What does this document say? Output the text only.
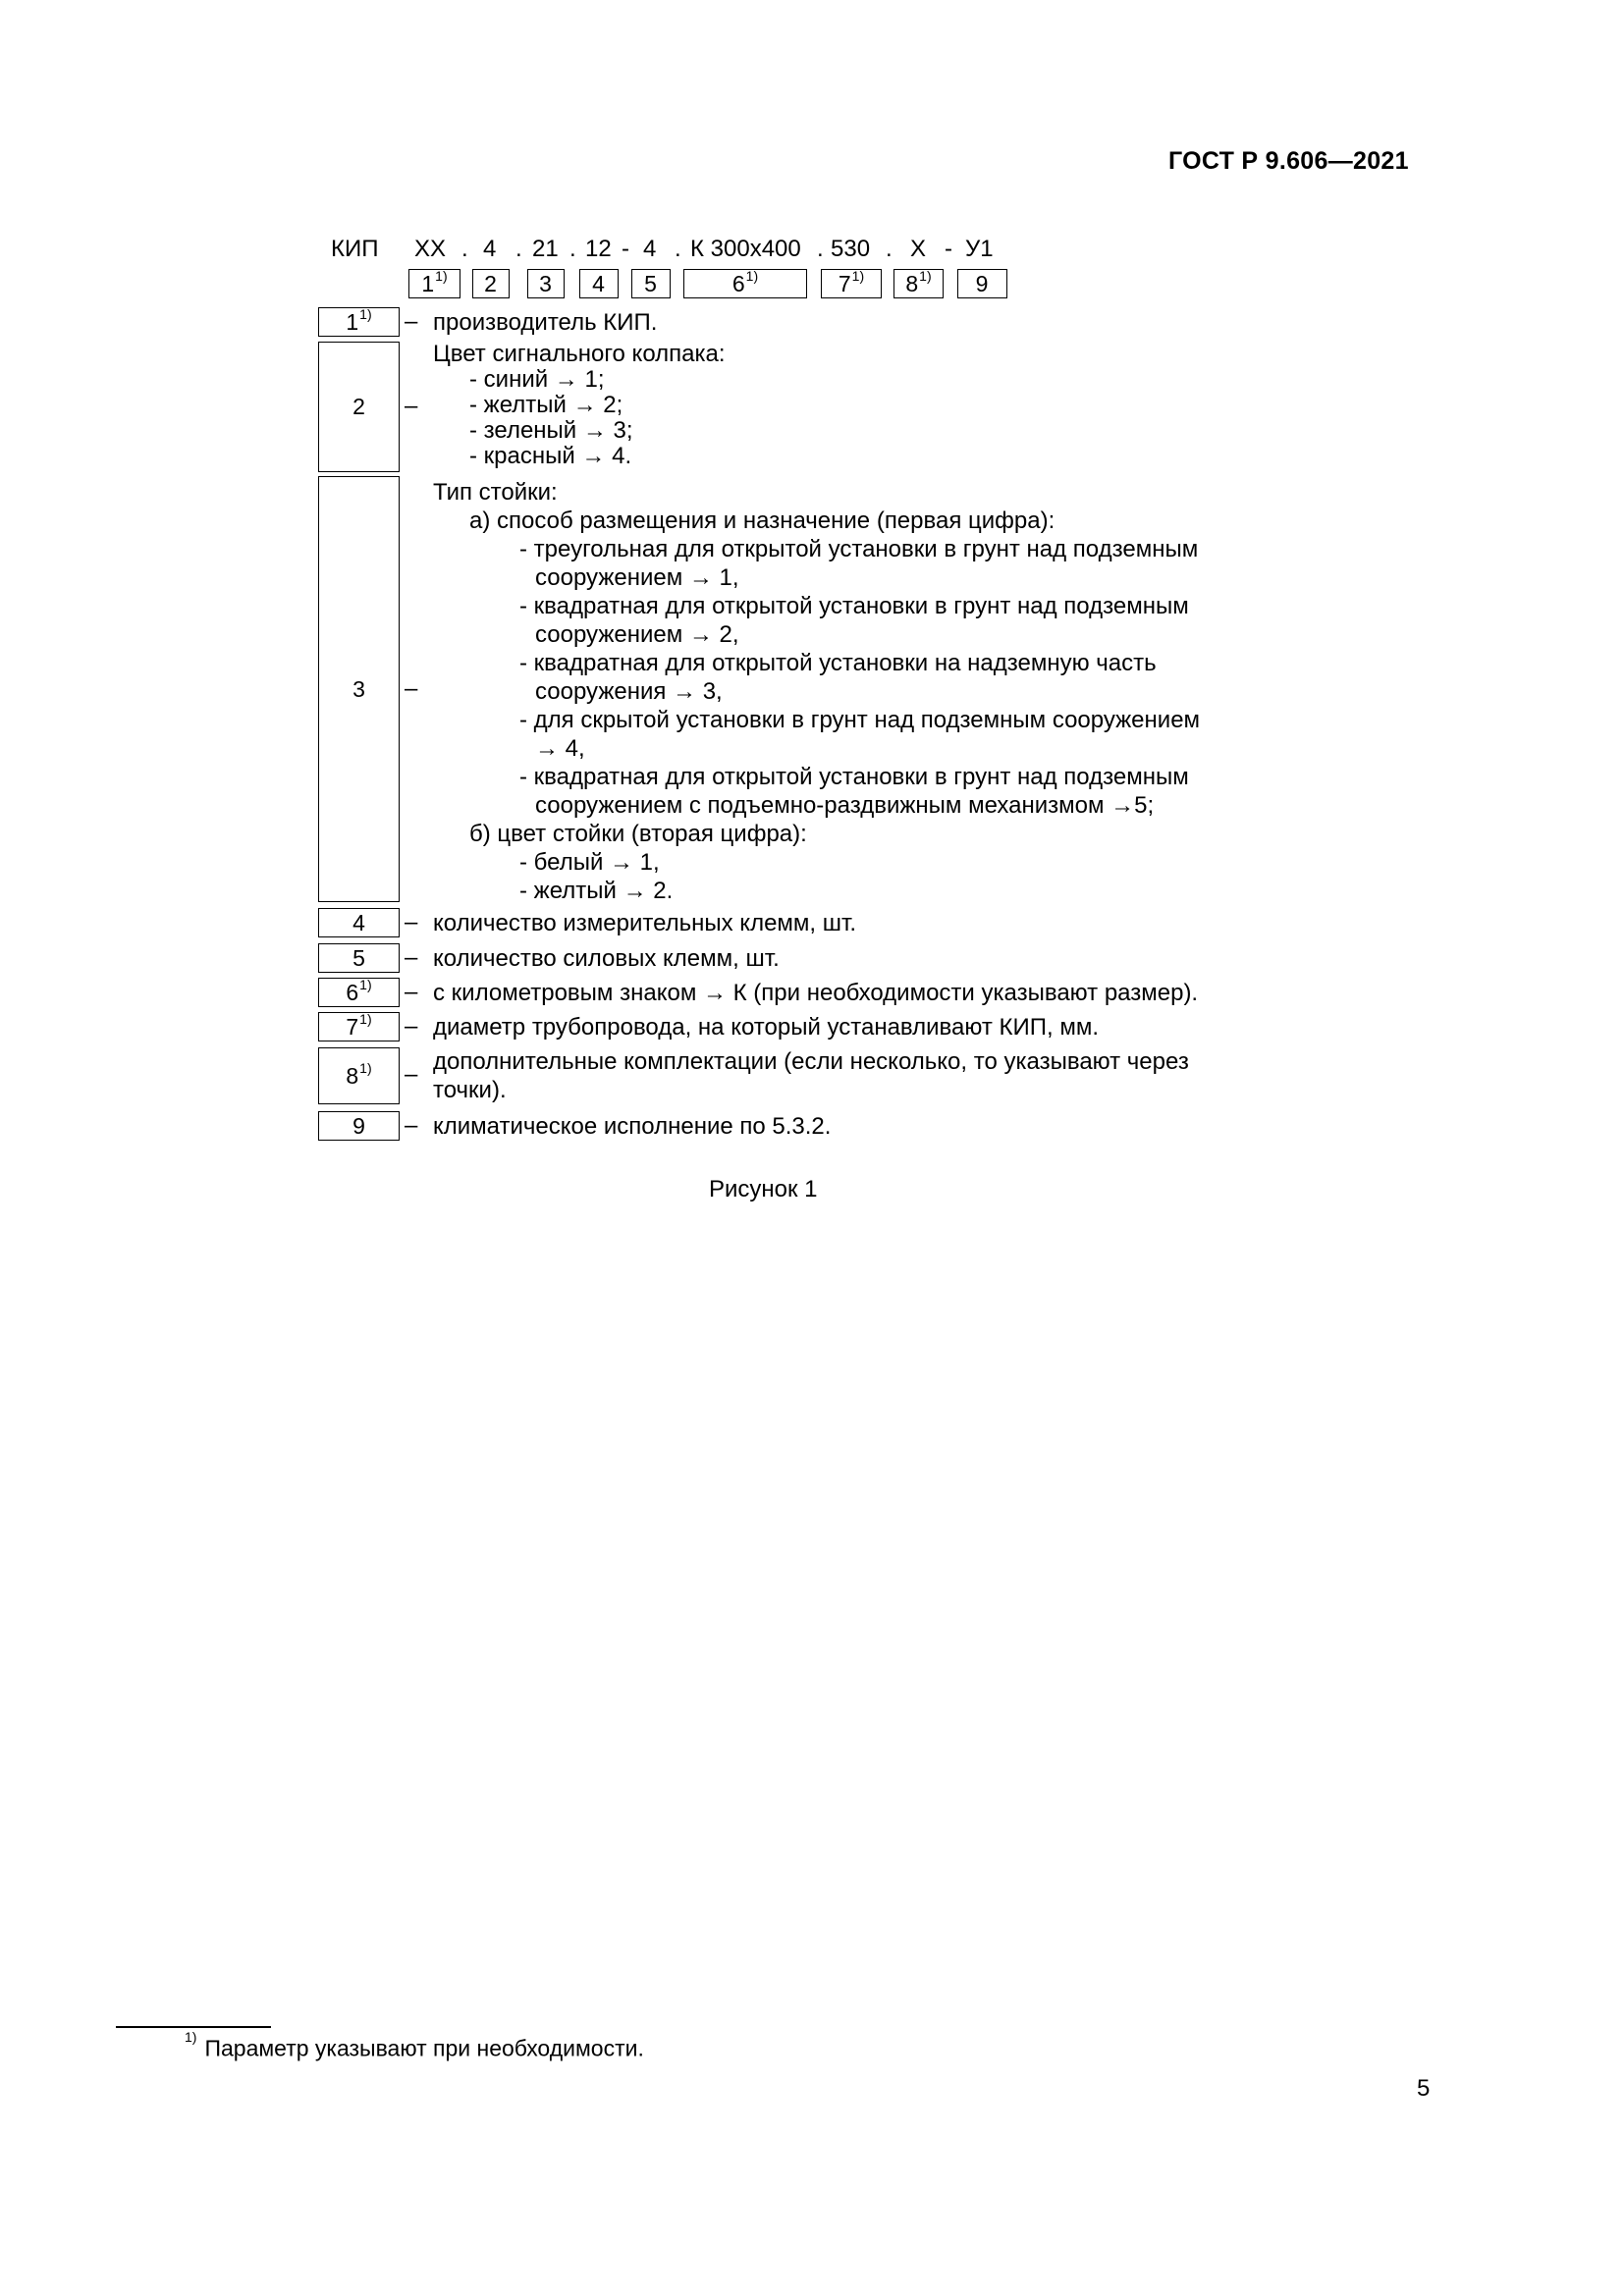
ГОСТ Р 9.606—2021
КИП XX . 4 . 21 . 12 - 4 . К 300х400 . 530 . X - У1
1$^{1)}$ 2 3 4 5	6$^{1)}$	7$^{1)}$ 8$^{1)}$ 9
1$^{1)}$ – производитель КИП.
2 –
Цвет сигнального колпака:
- синий → 1;
- желтый → 2;
- зеленый → 3;
- красный → 4.
3 –
Тип стойки:
а) способ размещения и назначение (первая цифра):
- треугольная для открытой установки в грунт над подземным
сооружением → 1,
- квадратная для открытой установки в грунт над подземным
сооружением → 2,
- квадратная для открытой установки на надземную часть
сооружения → 3,
- для скрытой установки в грунт над подземным сооружением
→ 4,
- квадратная для открытой установки в грунт над подземным
сооружением с подъемно-раздвижным механизмом →5;
б) цвет стойки (вторая цифра):
- белый → 1,
- желтый → 2.
4 – количество измерительных клемм, шт.
5 – количество силовых клемм, шт.
6$^{1)}$ – с километровым знаком → К (при необходимости указывают размер).
7$^{1)}$ – диаметр трубопровода, на который устанавливают КИП, мм.
8$^{1)}$ – дополнительные комплектации (если несколько, то указывают через точки).
9 – климатическое исполнение по 5.3.2.
Рисунок 1
$^{1)}$ Параметр указывают при необходимости.
5
